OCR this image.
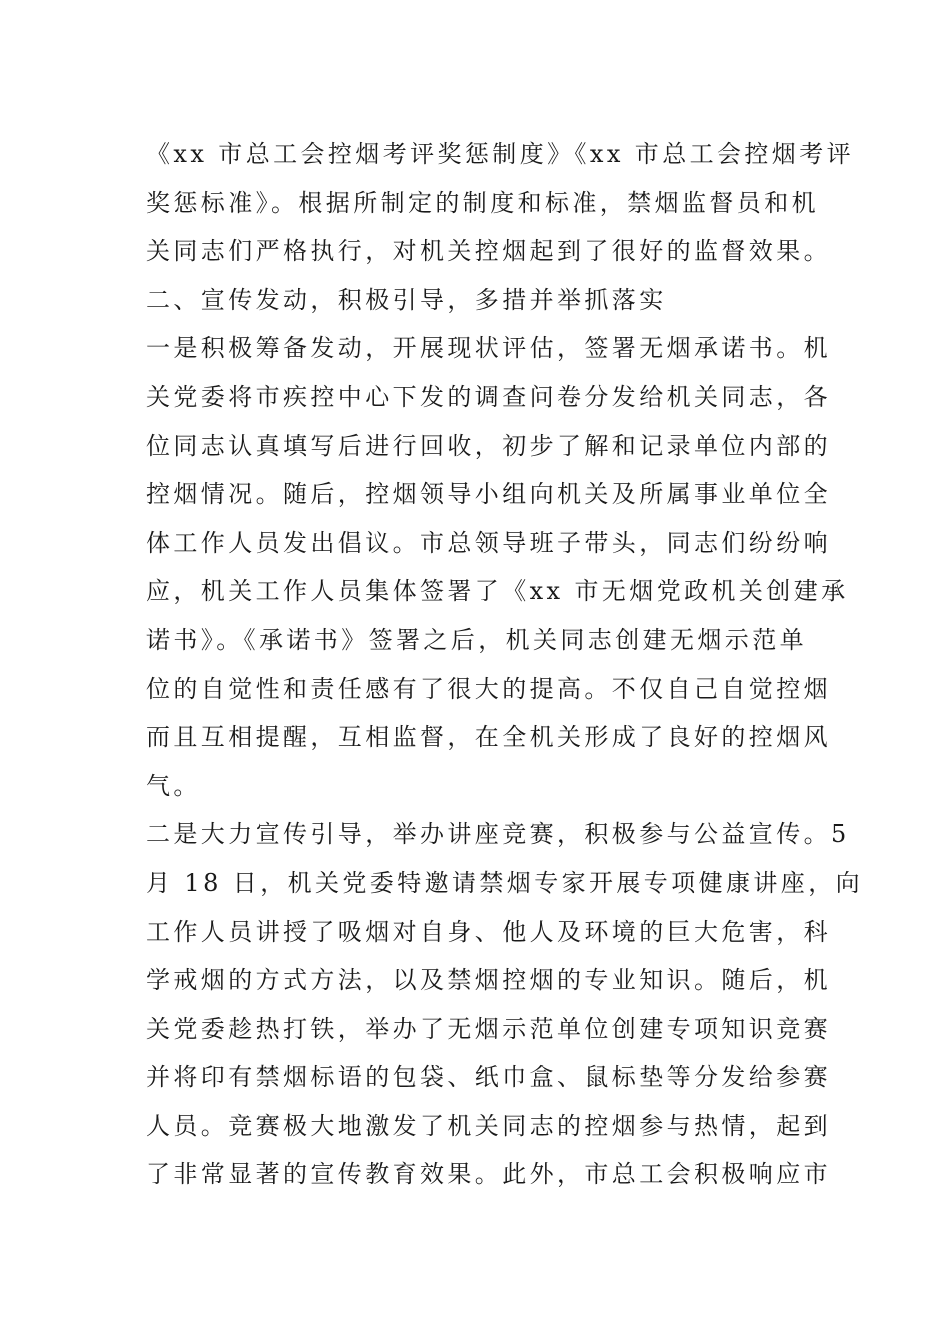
《xx 市总工会控烟考评奖惩制度》《xx 市总工会控烟考评
奖惩标准》。根据所制定的制度和标准，禁烟监督员和机
关同志们严格执行，对机关控烟起到了很好的监督效果。
二、宣传发动，积极引导，多措并举抓落实
一是积极筹备发动，开展现状评估，签署无烟承诺书。机
关党委将市疾控中心下发的调查问卷分发给机关同志，各
位同志认真填写后进行回收，初步了解和记录单位内部的
控烟情况。随后，控烟领导小组向机关及所属事业单位全
体工作人员发出倡议。市总领导班子带头，同志们纷纷响
应，机关工作人员集体签署了《xx 市无烟党政机关创建承
诺书》。《承诺书》签署之后，机关同志创建无烟示范单
位的自觉性和责任感有了很大的提高。不仅自己自觉控烟
而且互相提醒，互相监督，在全机关形成了良好的控烟风
气。
二是大力宣传引导，举办讲座竞赛，积极参与公益宣传。5
月 18 日，机关党委特邀请禁烟专家开展专项健康讲座，向
工作人员讲授了吸烟对自身、他人及环境的巨大危害，科
学戒烟的方式方法，以及禁烟控烟的专业知识。随后，机
关党委趁热打铁，举办了无烟示范单位创建专项知识竞赛
并将印有禁烟标语的包袋、纸巾盒、鼠标垫等分发给参赛
人员。竞赛极大地激发了机关同志的控烟参与热情，起到
了非常显著的宣传教育效果。此外，市总工会积极响应市
